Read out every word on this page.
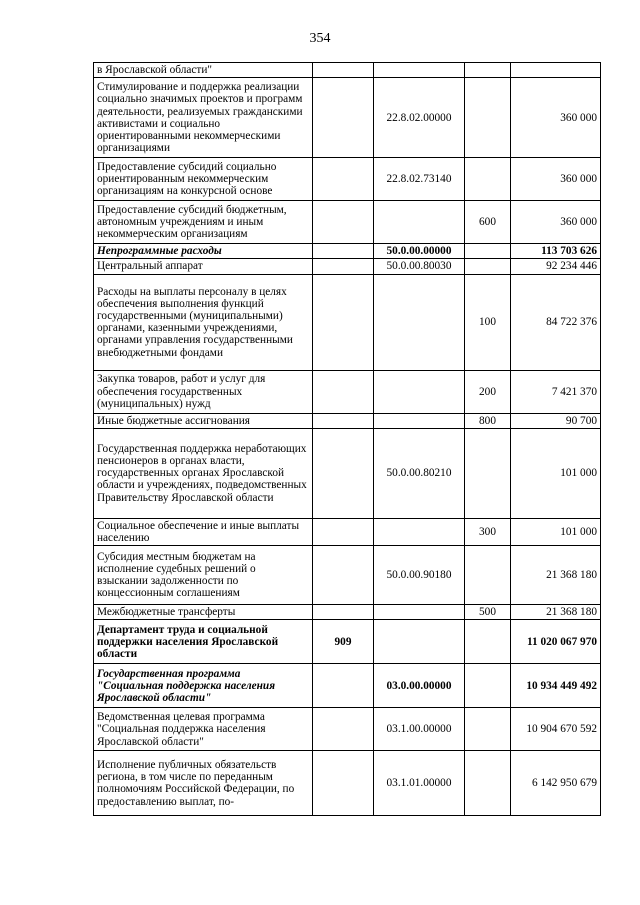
354
в Ярославской области"				
Стимулирование и поддержка реализации социально значимых проектов и программ деятельности, реализуемых гражданскими активистами и социально ориентированными некоммерческими организациями		22.8.02.00000		360 000
Предоставление субсидий социально ориентированным некоммерческим организациям на конкурсной основе		22.8.02.73140		360 000
Предоставление субсидий бюджетным, автономным учреждениям и иным некоммерческим организациям			600	360 000
Непрограммные расходы		50.0.00.00000		113 703 626
Центральный аппарат		50.0.00.80030		92 234 446
Расходы на выплаты персоналу в целях обеспечения выполнения функций государственными (муниципальными) органами, казенными учреждениями, органами управления государственными внебюджетными фондами			100	84 722 376
Закупка товаров, работ и услуг для обеспечения государственных (муниципальных) нужд			200	7 421 370
Иные бюджетные ассигнования			800	90 700
Государственная поддержка неработающих пенсионеров в органах власти, государственных органах Ярославской области и учреждениях, подведомственных Правительству Ярославской области		50.0.00.80210		101 000
Социальное обеспечение и иные выплаты населению			300	101 000
Субсидия местным бюджетам на исполнение судебных решений о взыскании задолженности по концессионным соглашениям		50.0.00.90180		21 368 180
Межбюджетные трансферты			500	21 368 180
Департамент труда и социальной поддержки населения Ярославской области	909			11 020 067 970
Государственная программа "Социальная поддержка населения Ярославской области"		03.0.00.00000		10 934 449 492
Ведомственная целевая программа "Социальная поддержка населения Ярославской области"		03.1.00.00000		10 904 670 592
Исполнение публичных обязательств региона, в том числе по переданным полномочиям Российской Федерации, по предоставлению выплат, по-		03.1.01.00000		6 142 950 679
